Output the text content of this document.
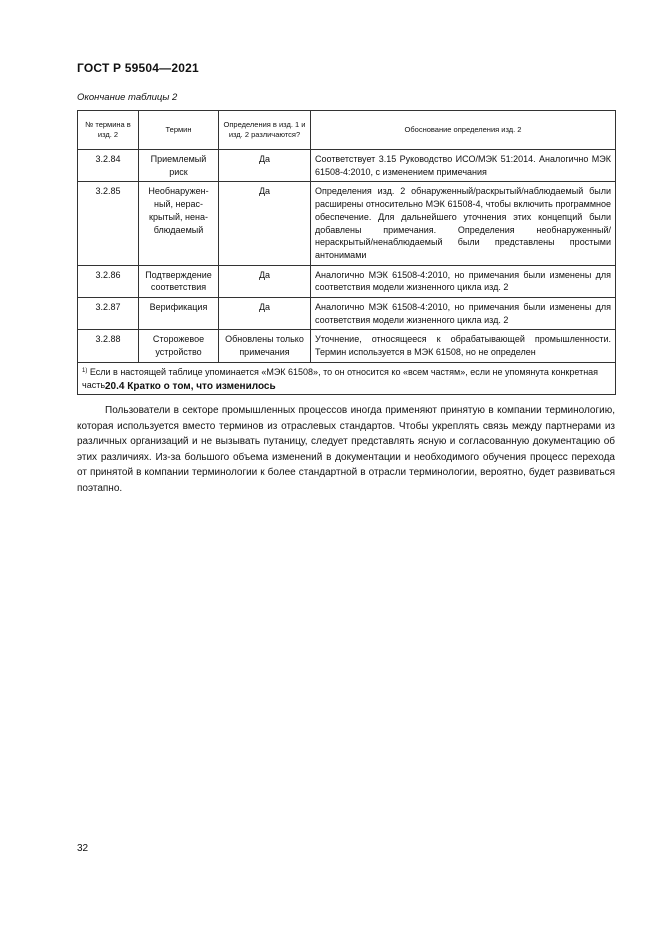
ГОСТ Р 59504—2021
Окончание таблицы 2
№ термина в изд. 2	Термин	Определения в изд. 1 и изд. 2 различаются?	Обоснование определения изд. 2
3.2.84	Приемлемый риск	Да	Соответствует 3.15 Руководство ИСО/МЭК 51:2014. Аналогично МЭК 61508-4:2010, с изменением примечания
3.2.85	Необнаруженный, нераскрытый, ненаблюдаемый	Да	Определения изд. 2 обнаруженный/раскрытый/наблюдаемый были расширены относительно МЭК 61508-4, чтобы включить программное обеспечение. Для дальнейшего уточнения этих концепций были добавлены примечания. Определения необнаруженный/нераскрытый/ненаблюдаемый были представлены простыми антонимами
3.2.86	Подтверждение соответствия	Да	Аналогично МЭК 61508-4:2010, но примечания были изменены для соответствия модели жизненного цикла изд. 2
3.2.87	Верификация	Да	Аналогично МЭК 61508-4:2010, но примечания были изменены для соответствия модели жизненного цикла изд. 2
3.2.88	Сторожевое устройство	Обновлены только примечания	Уточнение, относящееся к обрабатывающей промышленности. Термин используется в МЭК 61508, но не определен
$^{1)}$ Если в настоящей таблице упоминается «МЭК 61508», то он относится ко «всем частям», если не упомянута конкретная часть.			
20.4 Кратко о том, что изменилось

Пользователи в секторе промышленных процессов иногда применяют принятую в компании терминологию, которая используется вместо терминов из отраслевых стандартов. Чтобы укреплять связь между партнерами из различных организаций и не вызывать путаницу, следует представлять ясную и согласованную документацию об этих различиях. Из-за большого объема изменений в документации и необходимого обучения процесс перехода от принятой в компании терминологии к более стандартной в отрасли терминологии, вероятно, будет развиваться поэтапно.

32
